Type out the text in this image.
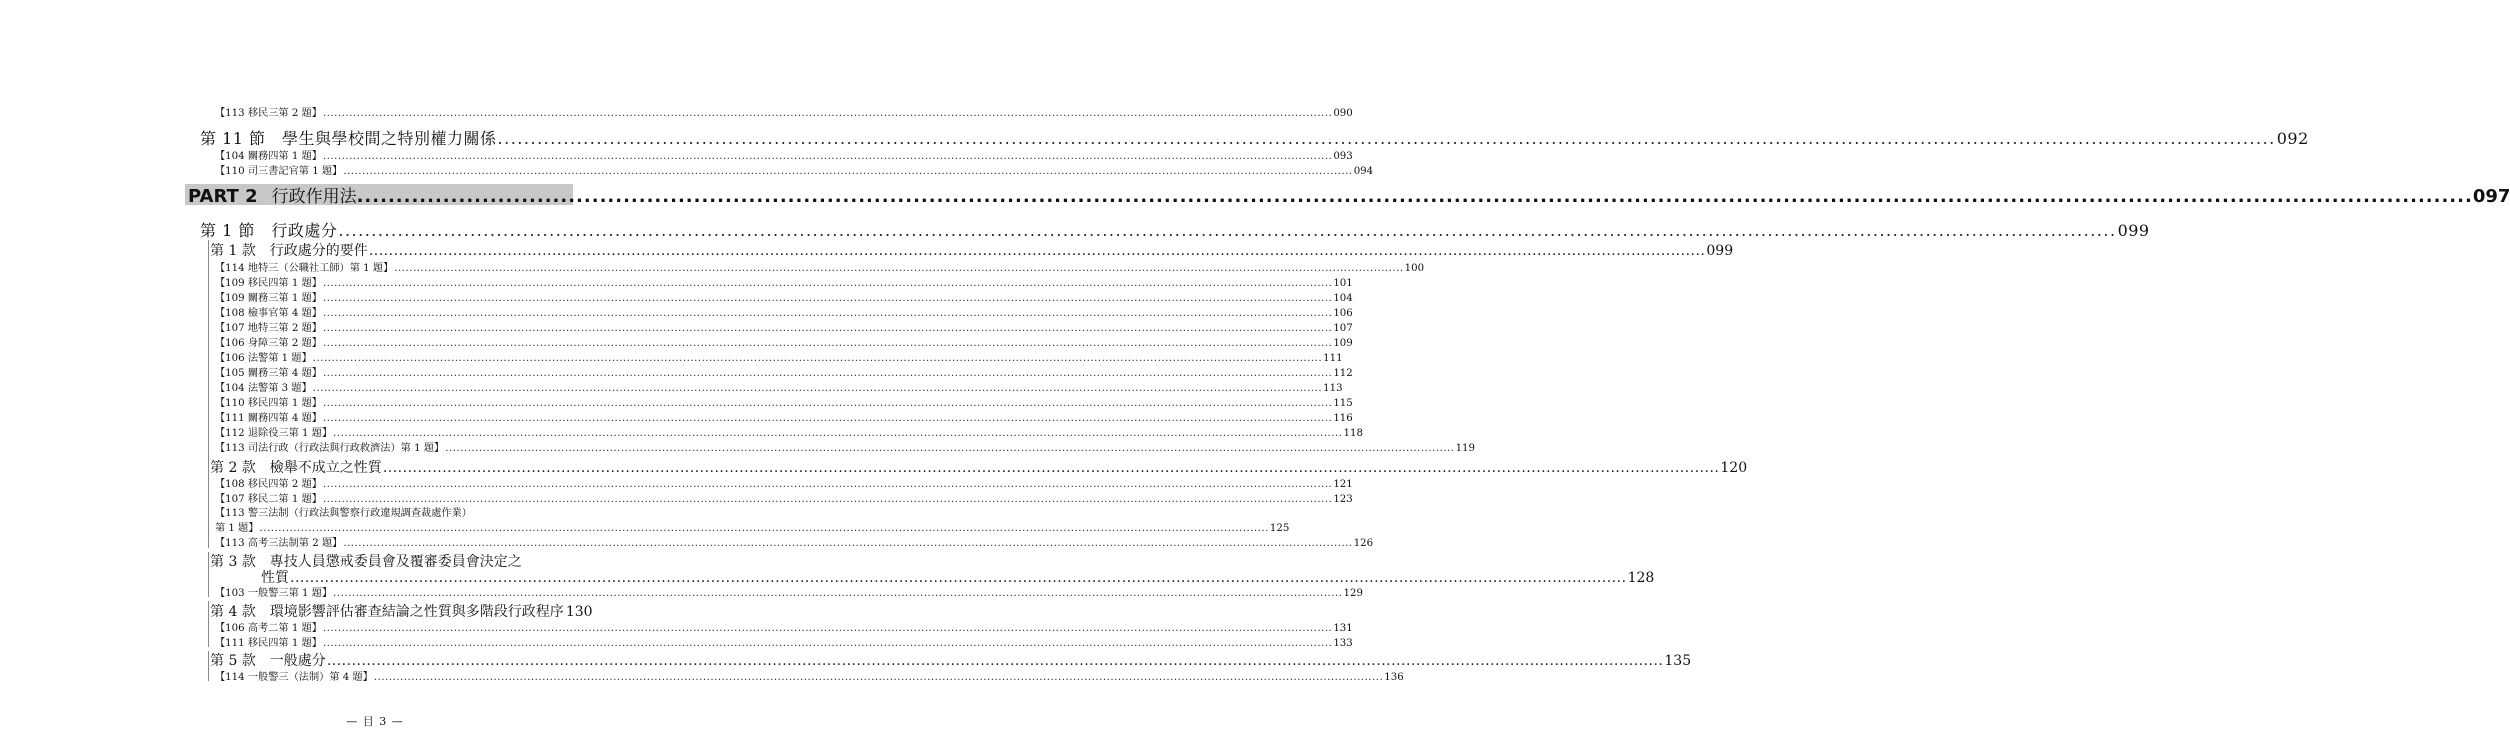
【113 移民三第 2 題】 .............................................................................................................................................................................................................................................................................. 090
第 11 節　學生與學校間之特別權力關係 .............................................................................................................................................................................................................................................................................. 092
【104 關務四第 1 題】 .............................................................................................................................................................................................................................................................................. 093
【110 司三書記官第 1 題】 .............................................................................................................................................................................................................................................................................. 094
PART 2 行政作用法 .............................................................................................................................................................................................................................................................................. 097
第 1 節　行政處分 .............................................................................................................................................................................................................................................................................. 099
第 1 款　行政處分的要件 .............................................................................................................................................................................................................................................................................. 099
【114 地特三（公職社工師）第 1 題】 .............................................................................................................................................................................................................................................................................. 100
【109 移民四第 1 題】 .............................................................................................................................................................................................................................................................................. 101
【109 關務三第 1 題】 .............................................................................................................................................................................................................................................................................. 104
【108 檢事官第 4 題】 .............................................................................................................................................................................................................................................................................. 106
【107 地特三第 2 題】 .............................................................................................................................................................................................................................................................................. 107
【106 身障三第 2 題】 .............................................................................................................................................................................................................................................................................. 109
【106 法警第 1 題】 .............................................................................................................................................................................................................................................................................. 111
【105 關務三第 4 題】 .............................................................................................................................................................................................................................................................................. 112
【104 法警第 3 題】 .............................................................................................................................................................................................................................................................................. 113
【110 移民四第 1 題】 .............................................................................................................................................................................................................................................................................. 115
【111 關務四第 4 題】 .............................................................................................................................................................................................................................................................................. 116
【112 退除役三第 1 題】 .............................................................................................................................................................................................................................................................................. 118
【113 司法行政（行政法與行政救濟法）第 1 題】 .............................................................................................................................................................................................................................................................................. 119
第 2 款　檢舉不成立之性質 .............................................................................................................................................................................................................................................................................. 120
【108 移民四第 2 題】 .............................................................................................................................................................................................................................................................................. 121
【107 移民二第 1 題】 .............................................................................................................................................................................................................................................................................. 123
【113 警三法制（行政法與警察行政違規調查裁處作業）
第 1 題】 .............................................................................................................................................................................................................................................................................. 125
【113 高考三法制第 2 題】 .............................................................................................................................................................................................................................................................................. 126
第 3 款　專技人員懲戒委員會及覆審委員會決定之
性質 .............................................................................................................................................................................................................................................................................. 128
【103 一般警三第 1 題】 .............................................................................................................................................................................................................................................................................. 129
第 4 款　環境影響評估審查結論之性質與多階段行政程序 130
【106 高考二第 1 題】 .............................................................................................................................................................................................................................................................................. 131
【111 移民四第 1 題】 .............................................................................................................................................................................................................................................................................. 133
第 5 款　一般處分 .............................................................................................................................................................................................................................................................................. 135
【114 一般警三（法制）第 4 題】 .............................................................................................................................................................................................................................................................................. 136
— 目 3 —
